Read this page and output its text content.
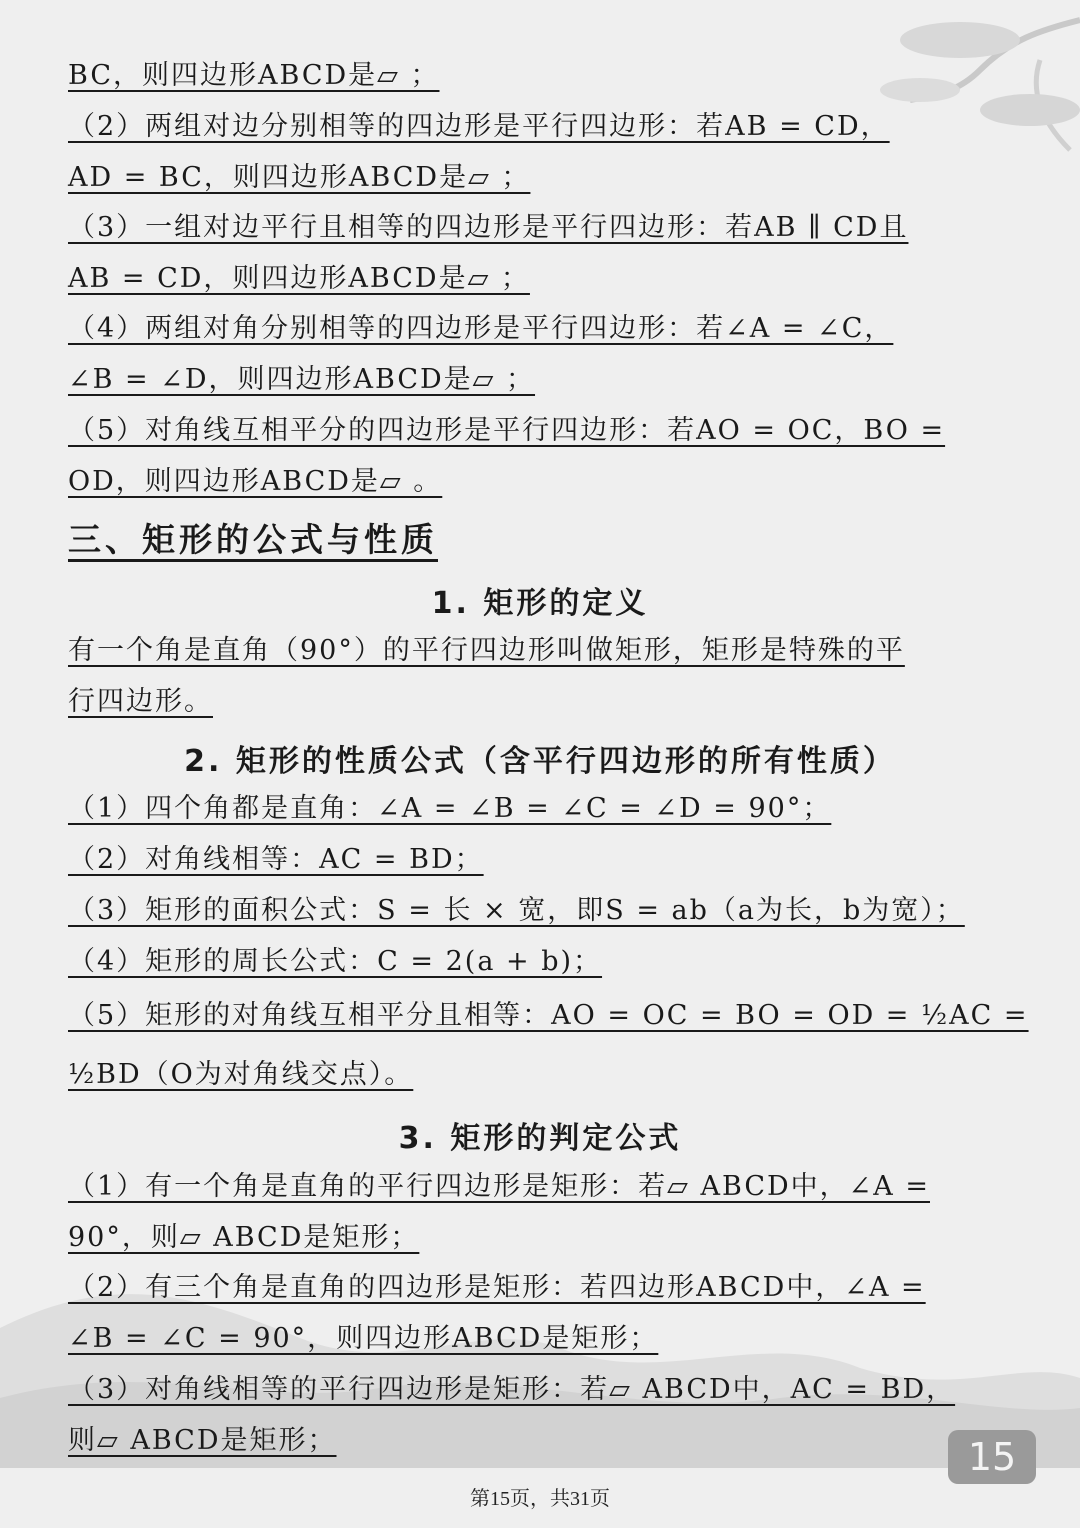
BC，则四边形ABCD是▱ ；
（2）两组对边分别相等的四边形是平行四边形：若AB = CD，
AD = BC，则四边形ABCD是▱ ；
（3）一组对边平行且相等的四边形是平行四边形：若AB ∥ CD且
AB = CD，则四边形ABCD是▱ ；
（4）两组对角分别相等的四边形是平行四边形：若∠A = ∠C，
∠B = ∠D，则四边形ABCD是▱ ；
（5）对角线互相平分的四边形是平行四边形：若AO = OC，BO =
OD，则四边形ABCD是▱ 。
三、矩形的公式与性质
1. 矩形的定义
有一个角是直角（90°）的平行四边形叫做矩形，矩形是特殊的平
行四边形。
2. 矩形的性质公式（含平行四边形的所有性质）
（1）四个角都是直角：∠A = ∠B = ∠C = ∠D = 90°；
（2）对角线相等：AC = BD；
（3）矩形的面积公式：S = 长 × 宽，即S = ab（a为长，b为宽）；
（4）矩形的周长公式：C = 2(a + b)；
（5）矩形的对角线互相平分且相等：AO = OC = BO = OD = ½AC =
½BD（O为对角线交点）。
3. 矩形的判定公式
（1）有一个角是直角的平行四边形是矩形：若▱ ABCD中，∠A =
90°，则▱ ABCD是矩形；
（2）有三个角是直角的四边形是矩形：若四边形ABCD中，∠A =
∠B = ∠C = 90°，则四边形ABCD是矩形；
（3）对角线相等的平行四边形是矩形：若▱ ABCD中，AC = BD，
则▱ ABCD是矩形；	15
第15页，共31页
